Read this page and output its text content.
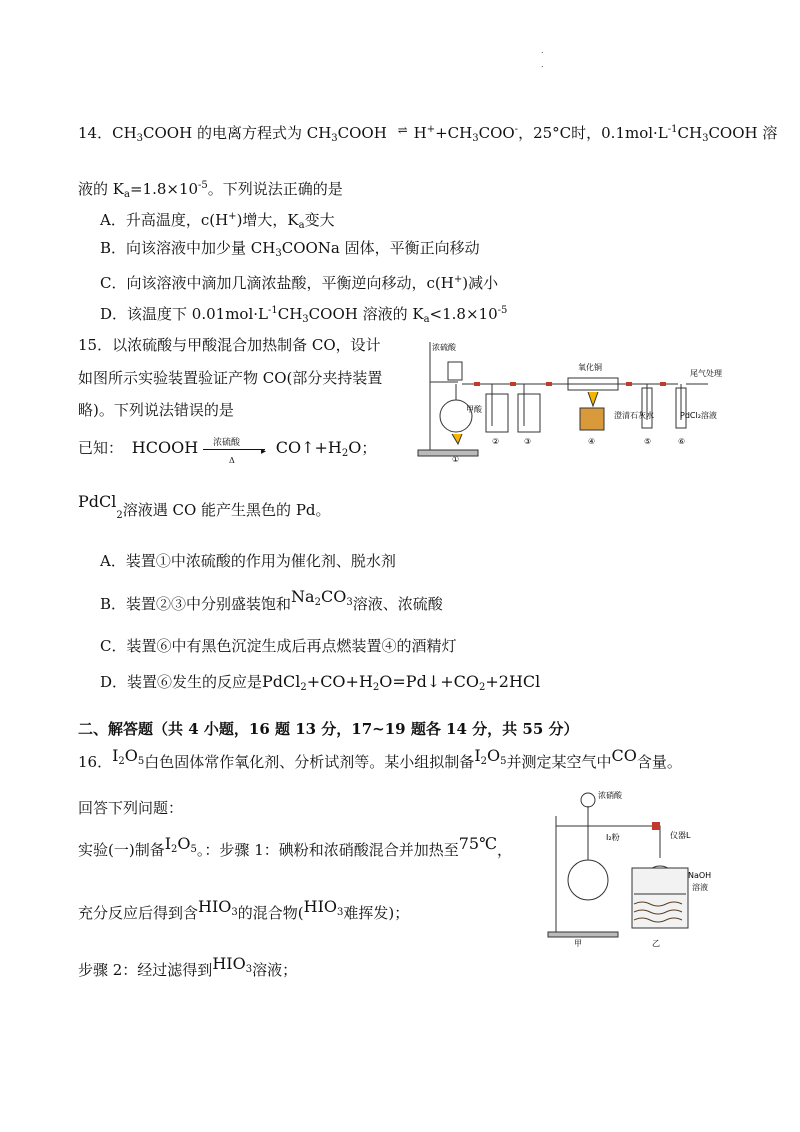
.
.
14．$CH_3COOH$ 的电离方程式为 $CH_3COOH$ ⇌ $H^++CH_3COO^-$，25°C时，$0.1mol\cdot L^{-1}CH_3COOH$ 溶
液的 $K_a=1.8\times 10^{-5}$。下列说法正确的是
A．升高温度，c(H+)增大，$K_a$变大
B．向该溶液中加少量 $CH_3COONa$ 固体，平衡正向移动
C．向该溶液中滴加几滴浓盐酸，平衡逆向移动，c(H+)减小
D．该温度下 $0.01mol\cdot L^{-1}CH_3COOH$ 溶液的 $K_a<1.8\times 10^{-5}$
15．以浓硫酸与甲酸混合加热制备 CO，设计
如图所示实验装置验证产物 CO(部分夹持装置
略)。下列说法错误的是
已知： HCOOH 浓硫酸
▸
Δ
$CO↑+H_2O$；
PdCl$_2$溶液遇 CO 能产生黑色的 Pd。
A．装置①中浓硫酸的作用为催化剂、脱水剂
B．装置②③中分别盛装饱和$Na_2CO_3$溶液、浓硫酸
C．装置⑥中有黑色沉淀生成后再点燃装置④的酒精灯
D．装置⑥发生的反应是$PdCl_2+CO+H_2O=Pd↓+CO_2+2HCl$
浓硫酸
甲酸
氧化铜
尾气处理
澄清石灰水	PdCl₂溶液
①
②	③	④	⑤	⑥
二、解答题（共 4 小题，16 题 13 分，17~19 题各 14 分，共 55 分）
16．$I_2O_5$白色固体常作氧化剂、分析试剂等。某小组拟制备$I_2O_5$并测定某空气中CO含量。
回答下列问题：
实验(一)制备$I_2O_5$。：步骤 1：碘粉和浓硝酸混合并加热至75℃，
充分反应后得到含$HIO_3$的混合物($HIO_3$难挥发)；
步骤 2：经过滤得到$HIO_3$溶液；
浓硝酸
I₂粉	仪器L
NaOH
溶液
甲	乙
